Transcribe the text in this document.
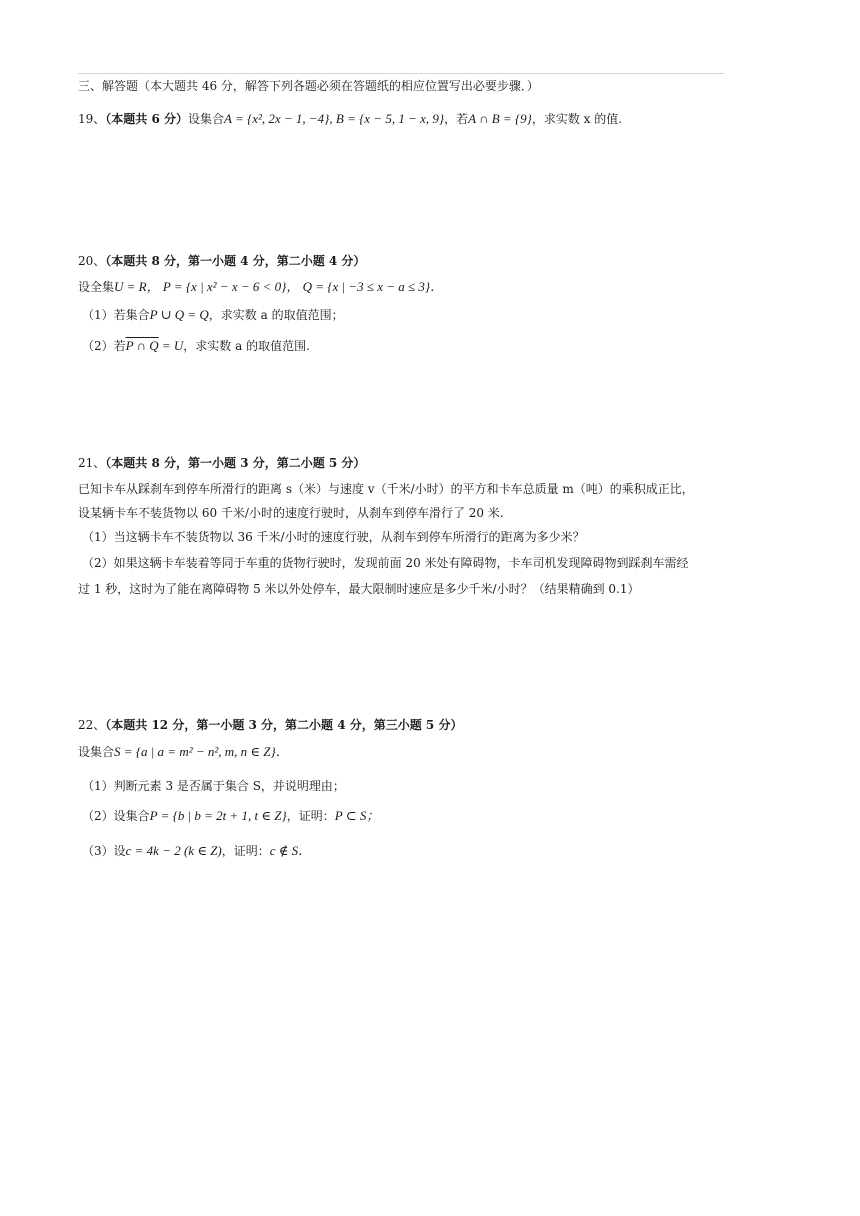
三、解答题（本大题共 46 分，解答下列各题必须在答题纸的相应位置写出必要步骤．）
19、（本题共 6 分）设集合A = {x², 2x − 1, −4}, B = {x − 5, 1 − x, 9}，若A ∩ B = {9}，求实数 x 的值.
20、（本题共 8 分，第一小题 4 分，第二小题 4 分）
设全集U = R， P = {x | x² − x − 6 < 0}， Q = {x | −3 ≤ x − a ≤ 3}．
（1）若集合P ∪ Q = Q，求实数 a 的取值范围；
（2）若P ∩ Q = U，求实数 a 的取值范围.
21、（本题共 8 分，第一小题 3 分，第二小题 5 分）
已知卡车从踩刹车到停车所滑行的距离 s（米）与速度 v（千米/小时）的平方和卡车总质量 m（吨）的乘积成正比，
设某辆卡车不装货物以 60 千米/小时的速度行驶时，从刹车到停车滑行了 20 米.
（1）当这辆卡车不装货物以 36 千米/小时的速度行驶，从刹车到停车所滑行的距离为多少米？
（2）如果这辆卡车装着等同于车重的货物行驶时，发现前面 20 米处有障碍物，卡车司机发现障碍物到踩刹车需经
过 1 秒，这时为了能在离障碍物 5 米以外处停车，最大限制时速应是多少千米/小时？（结果精确到 0.1）
22、（本题共 12 分，第一小题 3 分，第二小题 4 分，第三小题 5 分）
设集合S = {a | a = m² − n², m, n ∈ Z}．
（1）判断元素 3 是否属于集合 S，并说明理由；
（2）设集合P = {b | b = 2t + 1, t ∈ Z}，证明：P ⊂ S；
（3）设c = 4k − 2 (k ∈ Z)，证明：c ∉ S．
